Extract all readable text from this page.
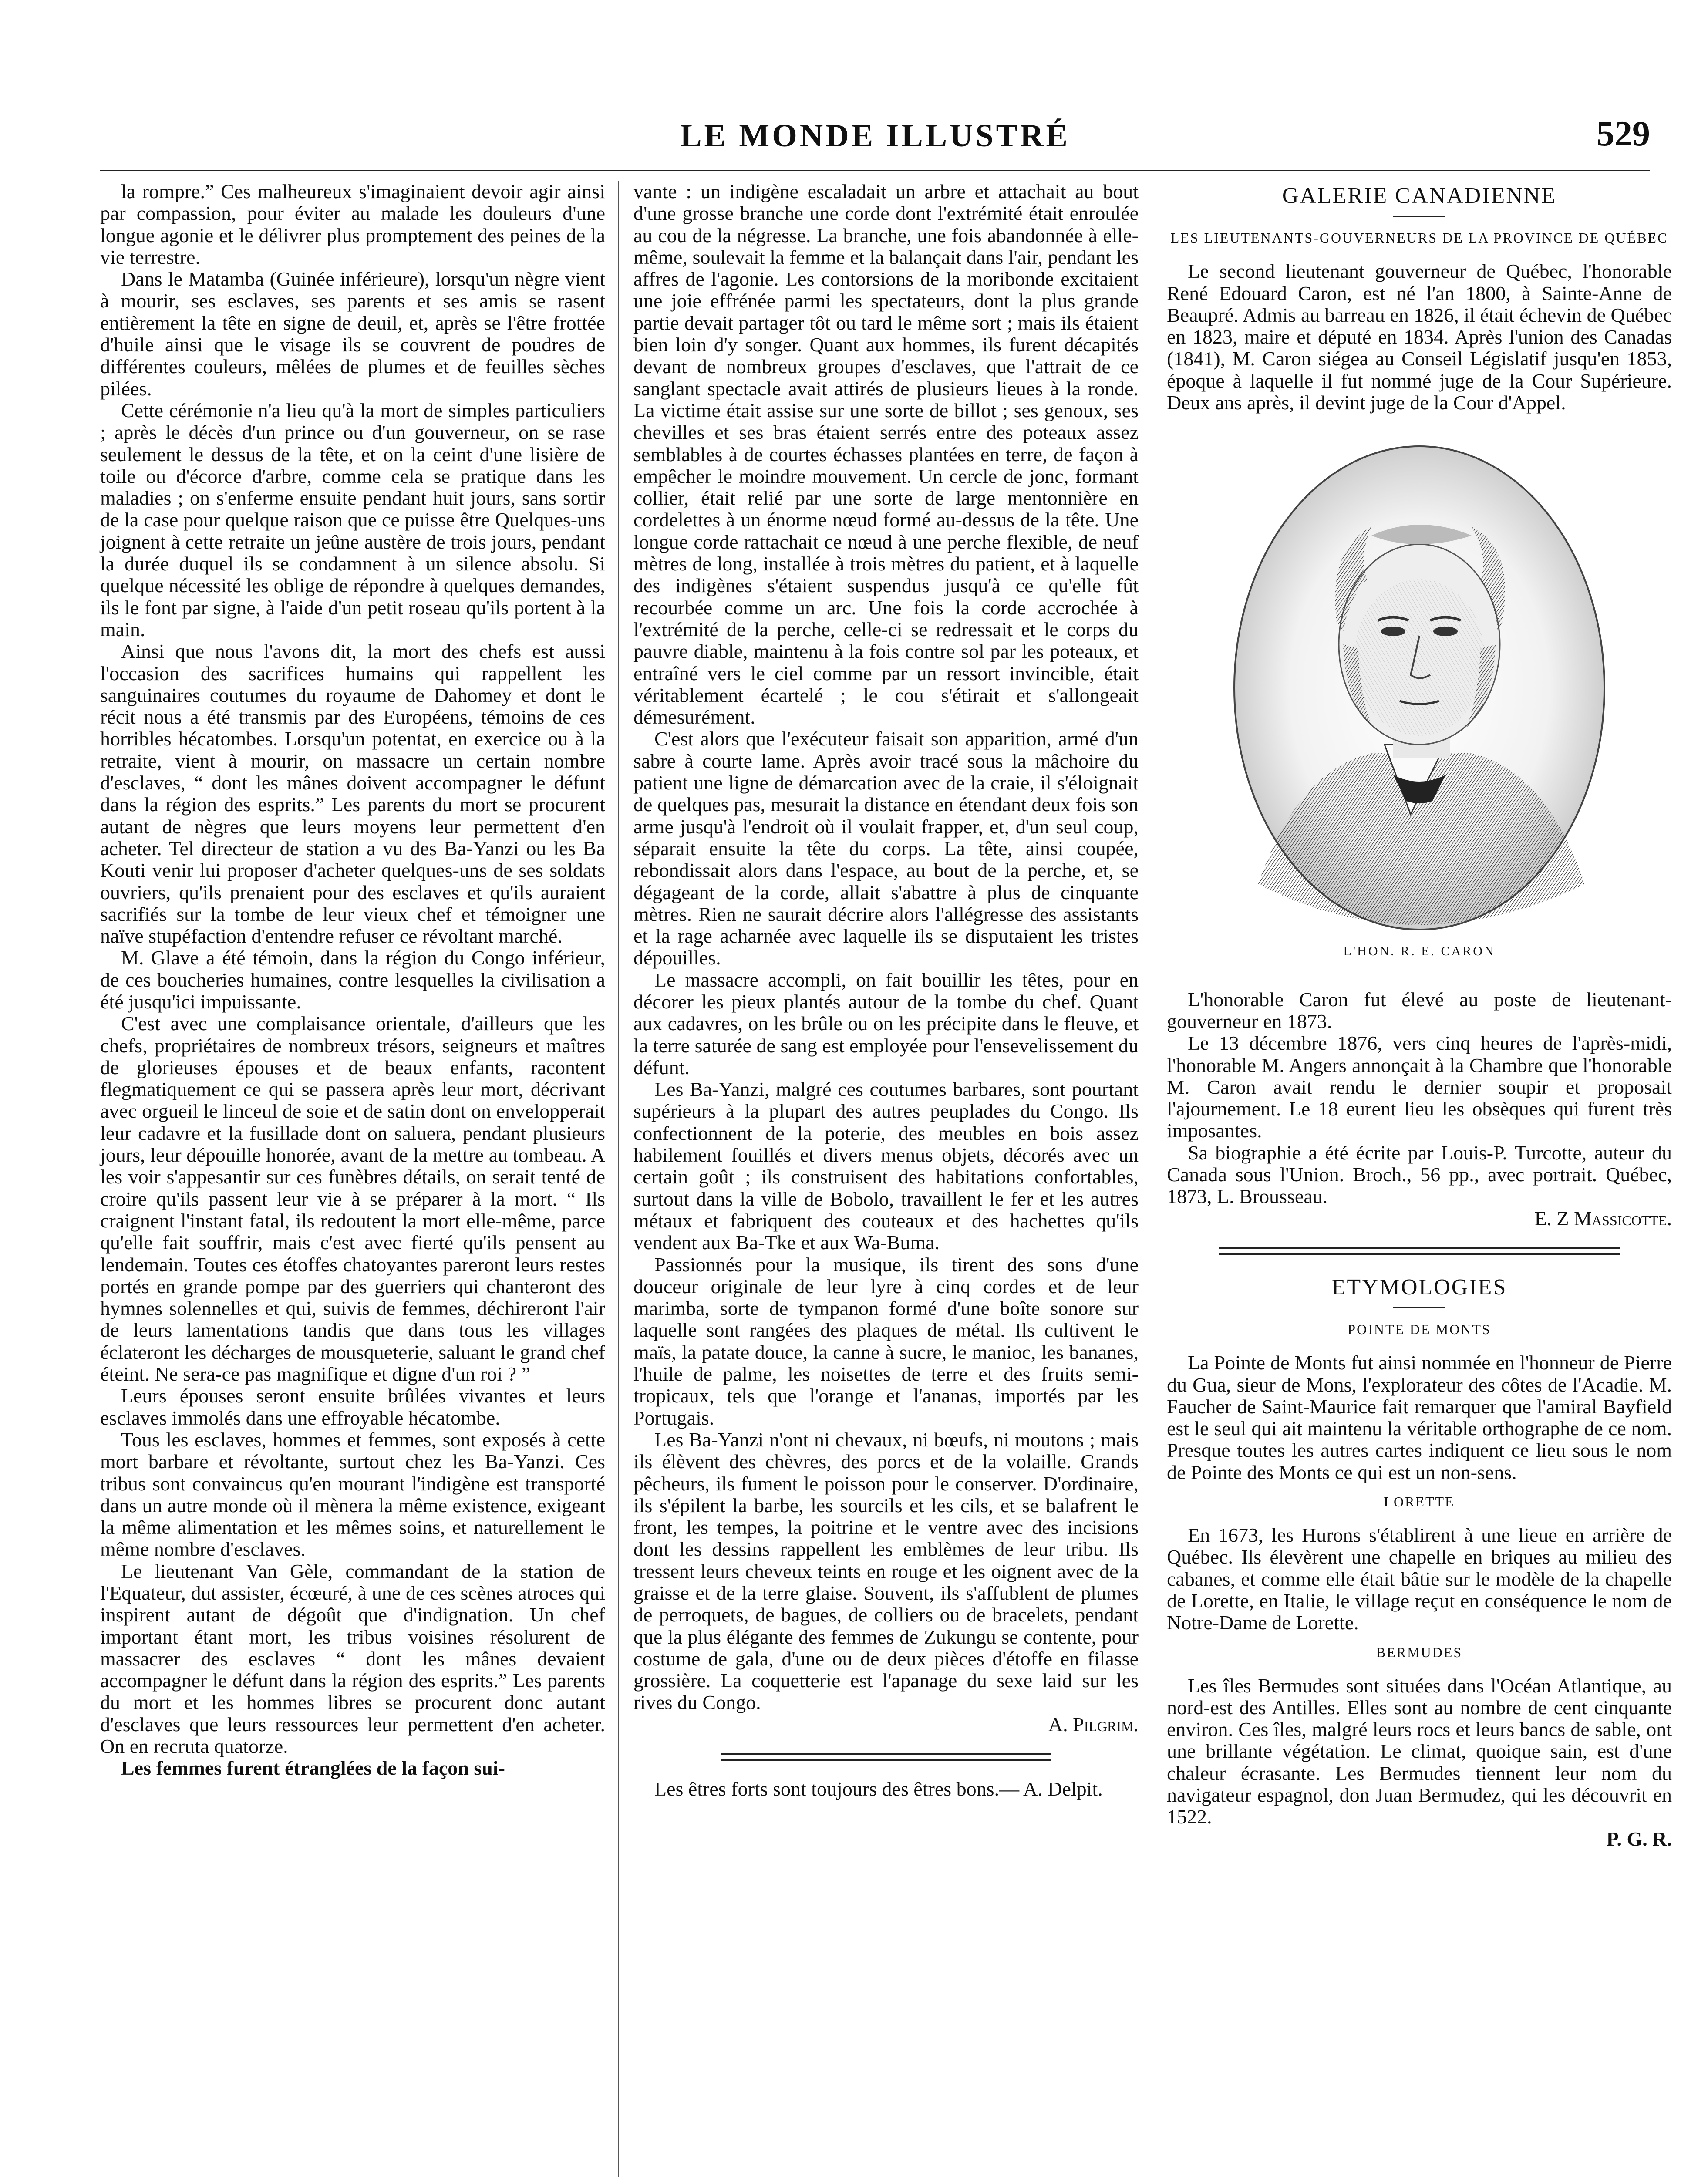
LE MONDE ILLUSTRÉ	529

la rompre.” Ces malheureux s'imaginaient devoir agir ainsi par compassion, pour éviter au malade les douleurs d'une longue agonie et le délivrer plus promptement des peines de la vie terrestre.

Dans le Matamba (Guinée inférieure), lorsqu'un nègre vient à mourir, ses esclaves, ses parents et ses amis se rasent entièrement la tête en signe de deuil, et, après se l'être frottée d'huile ainsi que le visage ils se couvrent de poudres de différentes couleurs, mêlées de plumes et de feuilles sèches pilées.

Cette cérémonie n'a lieu qu'à la mort de simples particuliers ; après le décès d'un prince ou d'un gouverneur, on se rase seulement le dessus de la tête, et on la ceint d'une lisière de toile ou d'écorce d'arbre, comme cela se pratique dans les maladies ; on s'enferme ensuite pendant huit jours, sans sortir de la case pour quelque raison que ce puisse être Quelques-uns joignent à cette retraite un jeûne austère de trois jours, pendant la durée duquel ils se condamnent à un silence absolu. Si quelque nécessité les oblige de répondre à quelques demandes, ils le font par signe, à l'aide d'un petit roseau qu'ils portent à la main.

Ainsi que nous l'avons dit, la mort des chefs est aussi l'occasion des sacrifices humains qui rappellent les sanguinaires coutumes du royaume de Dahomey et dont le récit nous a été transmis par des Européens, témoins de ces horribles hécatombes. Lorsqu'un potentat, en exercice ou à la retraite, vient à mourir, on massacre un certain nombre d'esclaves, “ dont les mânes doivent accompagner le défunt dans la région des esprits.” Les parents du mort se procurent autant de nègres que leurs moyens leur permettent d'en acheter. Tel directeur de station a vu des Ba-Yanzi ou les Ba Kouti venir lui proposer d'acheter quelques-uns de ses soldats ouvriers, qu'ils prenaient pour des esclaves et qu'ils auraient sacrifiés sur la tombe de leur vieux chef et témoigner une naïve stupéfaction d'entendre refuser ce révoltant marché.

M. Glave a été témoin, dans la région du Congo inférieur, de ces boucheries humaines, contre lesquelles la civilisation a été jusqu'ici impuissante.

C'est avec une complaisance orientale, d'ailleurs que les chefs, propriétaires de nombreux trésors, seigneurs et maîtres de glorieuses épouses et de beaux enfants, racontent flegmatiquement ce qui se passera après leur mort, décrivant avec orgueil le linceul de soie et de satin dont on envelopperait leur cadavre et la fusillade dont on saluera, pendant plusieurs jours, leur dépouille honorée, avant de la mettre au tombeau. A les voir s'appesantir sur ces funèbres détails, on serait tenté de croire qu'ils passent leur vie à se préparer à la mort. “ Ils craignent l'instant fatal, ils redoutent la mort elle-même, parce qu'elle fait souffrir, mais c'est avec fierté qu'ils pensent au lendemain. Toutes ces étoffes chatoyantes pareront leurs restes portés en grande pompe par des guerriers qui chanteront des hymnes solennelles et qui, suivis de femmes, déchireront l'air de leurs lamentations tandis que dans tous les villages éclateront les décharges de mousqueterie, saluant le grand chef éteint. Ne sera-ce pas magnifique et digne d'un roi ? ”

Leurs épouses seront ensuite brûlées vivantes et leurs esclaves immolés dans une effroyable hécatombe.

Tous les esclaves, hommes et femmes, sont exposés à cette mort barbare et révoltante, surtout chez les Ba-Yanzi. Ces tribus sont convaincus qu'en mourant l'indigène est transporté dans un autre monde où il mènera la même existence, exigeant la même alimentation et les mêmes soins, et naturellement le même nombre d'esclaves.

Le lieutenant Van Gèle, commandant de la station de l'Equateur, dut assister, écœuré, à une de ces scènes atroces qui inspirent autant de dégoût que d'indignation. Un chef important étant mort, les tribus voisines résolurent de massacrer des esclaves “ dont les mânes devaient accompagner le défunt dans la région des esprits.” Les parents du mort et les hommes libres se procurent donc autant d'esclaves que leurs ressources leur permettent d'en acheter. On en recruta quatorze.

Les femmes furent étranglées de la façon sui-

vante : un indigène escaladait un arbre et attachait au bout d'une grosse branche une corde dont l'extrémité était enroulée au cou de la négresse. La branche, une fois abandonnée à elle-même, soulevait la femme et la balançait dans l'air, pendant les affres de l'agonie. Les contorsions de la moribonde excitaient une joie effrénée parmi les spectateurs, dont la plus grande partie devait partager tôt ou tard le même sort ; mais ils étaient bien loin d'y songer. Quant aux hommes, ils furent décapités devant de nombreux groupes d'esclaves, que l'attrait de ce sanglant spectacle avait attirés de plusieurs lieues à la ronde. La victime était assise sur une sorte de billot ; ses genoux, ses chevilles et ses bras étaient serrés entre des poteaux assez semblables à de courtes échasses plantées en terre, de façon à empêcher le moindre mouvement. Un cercle de jonc, formant collier, était relié par une sorte de large mentonnière en cordelettes à un énorme nœud formé au-dessus de la tête. Une longue corde rattachait ce nœud à une perche flexible, de neuf mètres de long, installée à trois mètres du patient, et à laquelle des indigènes s'étaient suspendus jusqu'à ce qu'elle fût recourbée comme un arc. Une fois la corde accrochée à l'extrémité de la perche, celle-ci se redressait et le corps du pauvre diable, maintenu à la fois contre sol par les poteaux, et entraîné vers le ciel comme par un ressort invincible, était véritablement écartelé ; le cou s'étirait et s'allongeait démesurément.

C'est alors que l'exécuteur faisait son apparition, armé d'un sabre à courte lame. Après avoir tracé sous la mâchoire du patient une ligne de démarcation avec de la craie, il s'éloignait de quelques pas, mesurait la distance en étendant deux fois son arme jusqu'à l'endroit où il voulait frapper, et, d'un seul coup, séparait ensuite la tête du corps. La tête, ainsi coupée, rebondissait alors dans l'espace, au bout de la perche, et, se dégageant de la corde, allait s'abattre à plus de cinquante mètres. Rien ne saurait décrire alors l'allégresse des assistants et la rage acharnée avec laquelle ils se disputaient les tristes dépouilles.

Le massacre accompli, on fait bouillir les têtes, pour en décorer les pieux plantés autour de la tombe du chef. Quant aux cadavres, on les brûle ou on les précipite dans le fleuve, et la terre saturée de sang est employée pour l'ensevelissement du défunt.

Les Ba-Yanzi, malgré ces coutumes barbares, sont pourtant supérieurs à la plupart des autres peuplades du Congo. Ils confectionnent de la poterie, des meubles en bois assez habilement fouillés et divers menus objets, décorés avec un certain goût ; ils construisent des habitations confortables, surtout dans la ville de Bobolo, travaillent le fer et les autres métaux et fabriquent des couteaux et des hachettes qu'ils vendent aux Ba-Tke et aux Wa-Buma.

Passionnés pour la musique, ils tirent des sons d'une douceur originale de leur lyre à cinq cordes et de leur marimba, sorte de tympanon formé d'une boîte sonore sur laquelle sont rangées des plaques de métal. Ils cultivent le maïs, la patate douce, la canne à sucre, le manioc, les bananes, l'huile de palme, les noisettes de terre et des fruits semi-tropicaux, tels que l'orange et l'ananas, importés par les Portugais.

Les Ba-Yanzi n'ont ni chevaux, ni bœufs, ni moutons ; mais ils élèvent des chèvres, des porcs et de la volaille. Grands pêcheurs, ils fument le poisson pour le conserver. D'ordinaire, ils s'épilent la barbe, les sourcils et les cils, et se balafrent le front, les tempes, la poitrine et le ventre avec des incisions dont les dessins rappellent les emblèmes de leur tribu. Ils tressent leurs cheveux teints en rouge et les oignent avec de la graisse et de la terre glaise. Souvent, ils s'affublent de plumes de perroquets, de bagues, de colliers ou de bracelets, pendant que la plus élégante des femmes de Zukungu se contente, pour costume de gala, d'une ou de deux pièces d'étoffe en filasse grossière. La coquetterie est l'apanage du sexe laid sur les rives du Congo.

A. Pilgrim.

Les êtres forts sont toujours des êtres bons.— A. Delpit.

GALERIE CANADIENNE
LES LIEUTENANTS-GOUVERNEURS DE LA PROVINCE DE QUÉBEC

Le second lieutenant gouverneur de Québec, l'honorable René Edouard Caron, est né l'an 1800, à Sainte-Anne de Beaupré. Admis au barreau en 1826, il était échevin de Québec en 1823, maire et député en 1834. Après l'union des Canadas (1841), M. Caron siégea au Conseil Législatif jusqu'en 1853, époque à laquelle il fut nommé juge de la Cour Supérieure. Deux ans après, il devint juge de la Cour d'Appel.

L'HON. R. E. CARON

L'honorable Caron fut élevé au poste de lieutenant-gouverneur en 1873.

Le 13 décembre 1876, vers cinq heures de l'après-midi, l'honorable M. Angers annonçait à la Chambre que l'honorable M. Caron avait rendu le dernier soupir et proposait l'ajournement. Le 18 eurent lieu les obsèques qui furent très imposantes.

Sa biographie a été écrite par Louis-P. Turcotte, auteur du Canada sous l'Union. Broch., 56 pp., avec portrait. Québec, 1873, L. Brousseau.

E. Z Massicotte.

ETYMOLOGIES
POINTE DE MONTS

La Pointe de Monts fut ainsi nommée en l'honneur de Pierre du Gua, sieur de Mons, l'explorateur des côtes de l'Acadie. M. Faucher de Saint-Maurice fait remarquer que l'amiral Bayfield est le seul qui ait maintenu la véritable orthographe de ce nom. Presque toutes les autres cartes indiquent ce lieu sous le nom de Pointe des Monts ce qui est un non-sens.

LORETTE

En 1673, les Hurons s'établirent à une lieue en arrière de Québec. Ils élevèrent une chapelle en briques au milieu des cabanes, et comme elle était bâtie sur le modèle de la chapelle de Lorette, en Italie, le village reçut en conséquence le nom de Notre-Dame de Lorette.

BERMUDES

Les îles Bermudes sont situées dans l'Océan Atlantique, au nord-est des Antilles. Elles sont au nombre de cent cinquante environ. Ces îles, malgré leurs rocs et leurs bancs de sable, ont une brillante végétation. Le climat, quoique sain, est d'une chaleur écrasante. Les Bermudes tiennent leur nom du navigateur espagnol, don Juan Bermudez, qui les découvrit en 1522.

P. G. R.
